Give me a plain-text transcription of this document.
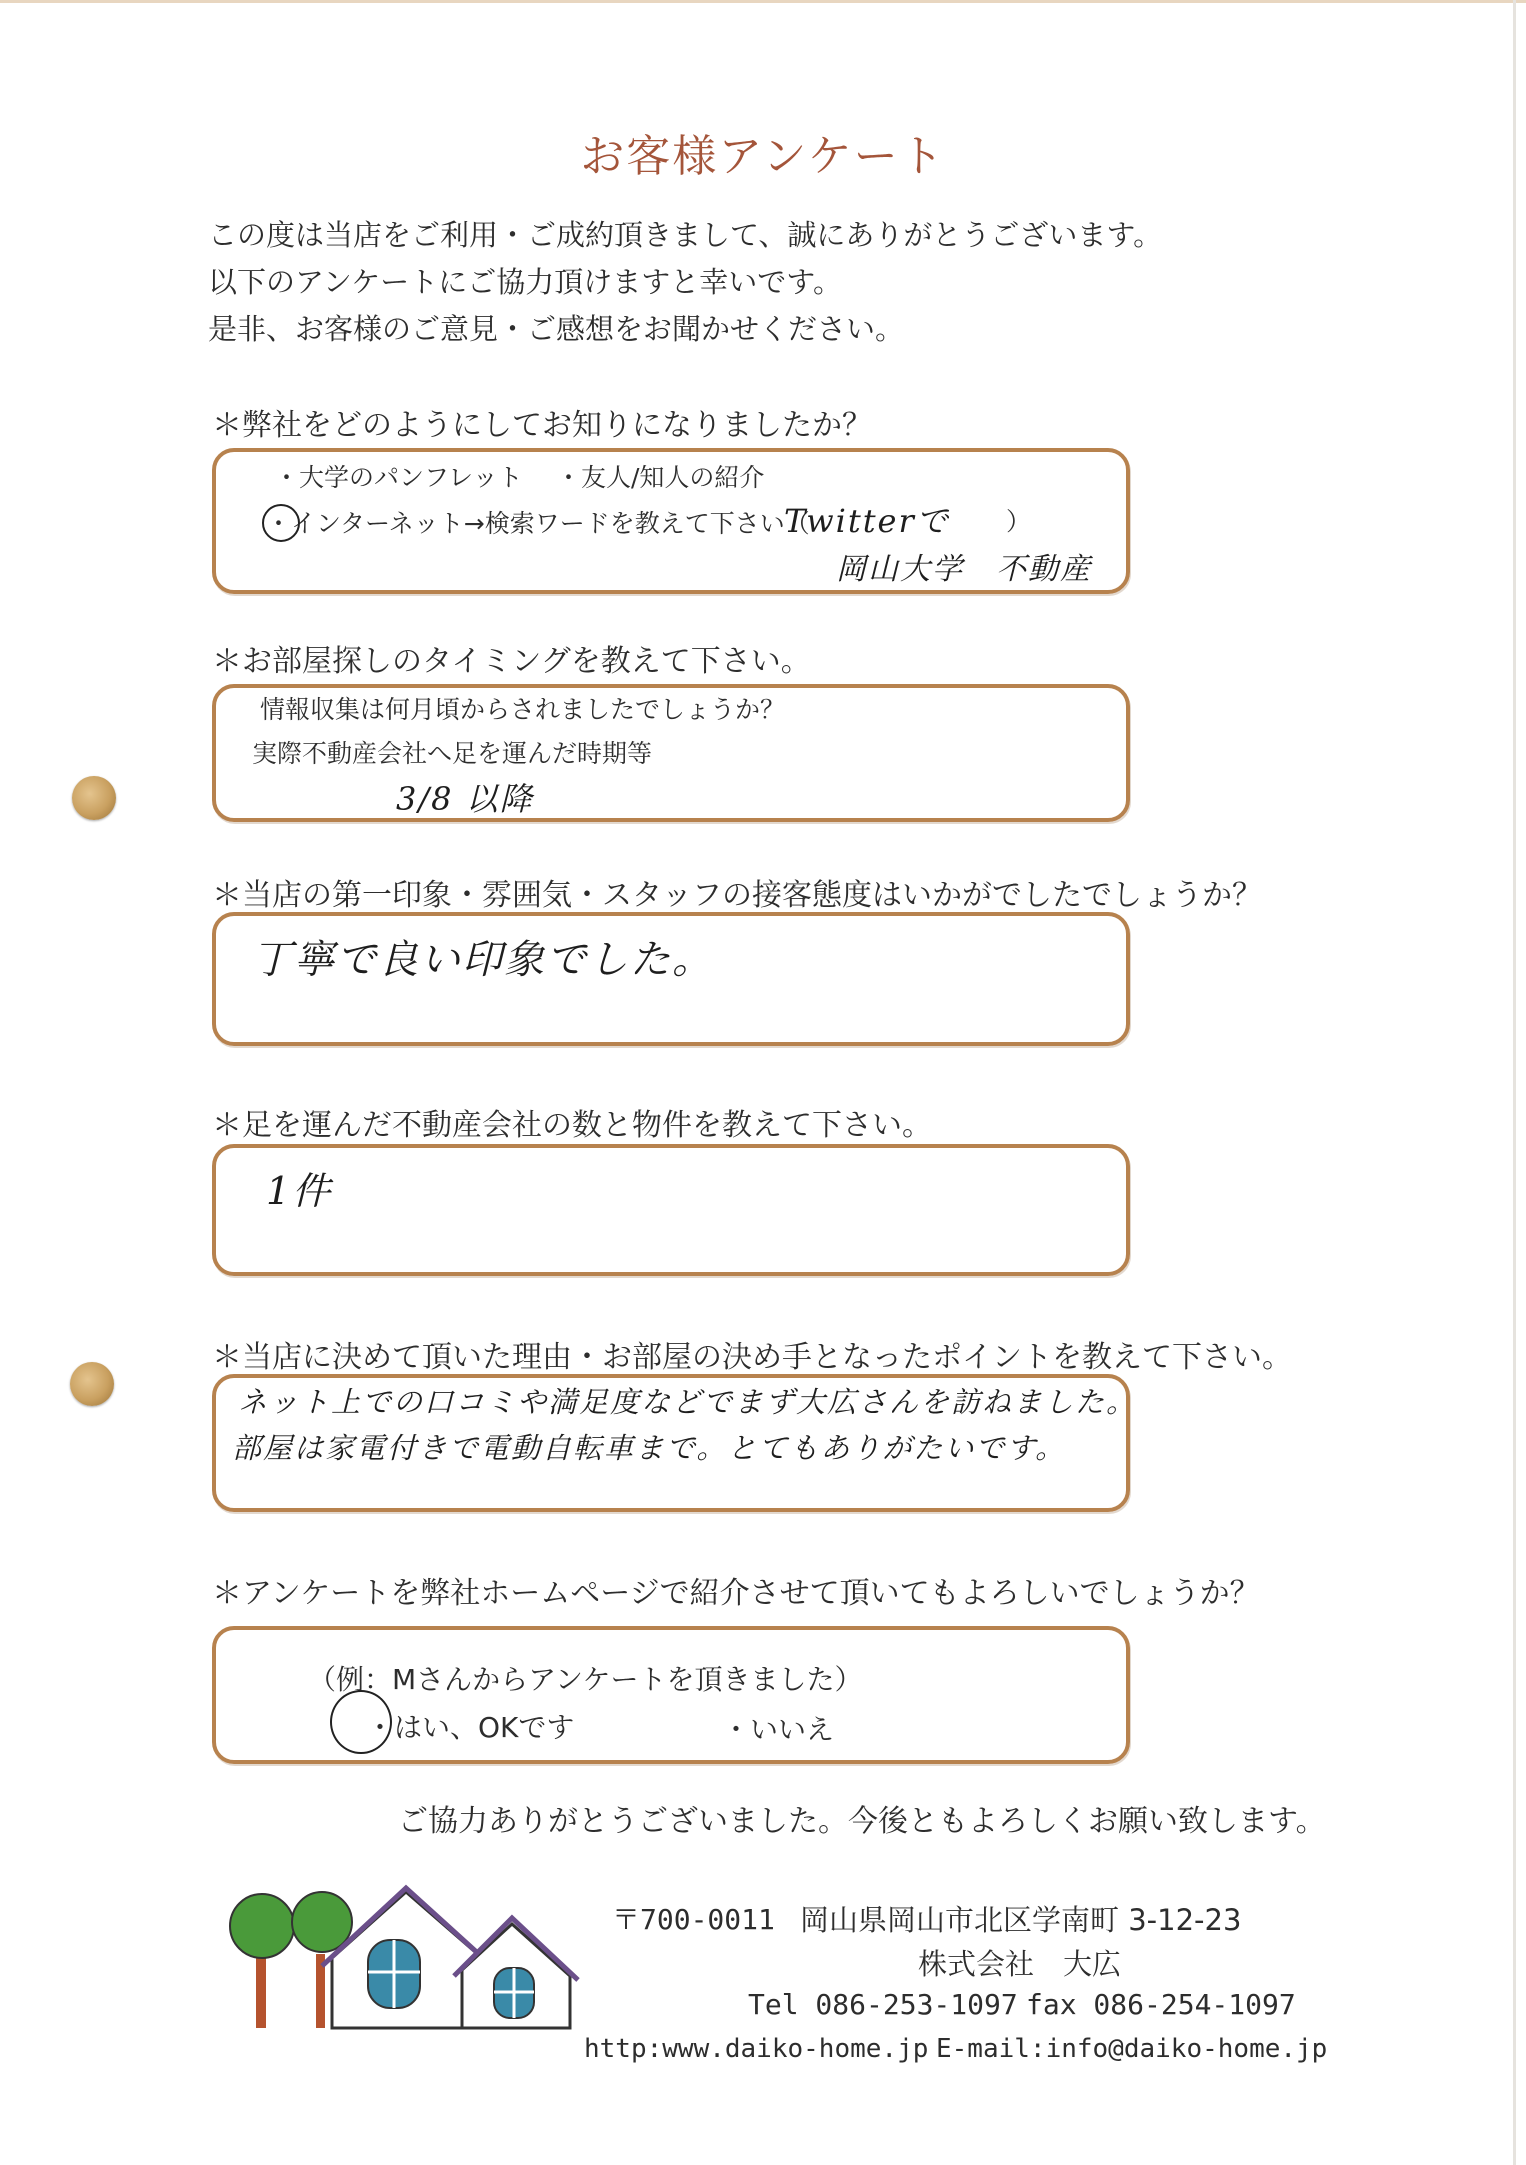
お客様アンケート
この度は当店をご利用・ご成約頂きまして、誠にありがとうございます。
以下のアンケートにご協力頂けますと幸いです。
是非、お客様のご意見・ご感想をお聞かせください。
＊弊社をどのようにしてお知りになりましたか？
・大学のパンフレット ・友人/知人の紹介
・インターネット→検索ワードを教えて下さい（
Twitterで ）
岡山大学　不動産
＊お部屋探しのタイミングを教えて下さい。
情報収集は何月頃からされましたでしょうか？
実際不動産会社へ足を運んだ時期等
3/8 以降
＊当店の第一印象・雰囲気・スタッフの接客態度はいかがでしたでしょうか？
丁寧で良い印象でした。
＊足を運んだ不動産会社の数と物件を教えて下さい。
1件
＊当店に決めて頂いた理由・お部屋の決め手となったポイントを教えて下さい。
ネット上での口コミや満足度などでまず大広さんを訪ねました。
部屋は家電付きで電動自転車まで。とてもありがたいです。
＊アンケートを弊社ホームページで紹介させて頂いてもよろしいでしょうか？
（例：Mさんからアンケートを頂きました）
・はい、OKです	・いいえ
ご協力ありがとうございました。今後ともよろしくお願い致します。
〒700-0011 岡山県岡山市北区学南町 3-12-23
株式会社　大広
Tel 086-253-1097 fax 086-254-1097
http:www.daiko-home.jp E-mail:info@daiko-home.jp
